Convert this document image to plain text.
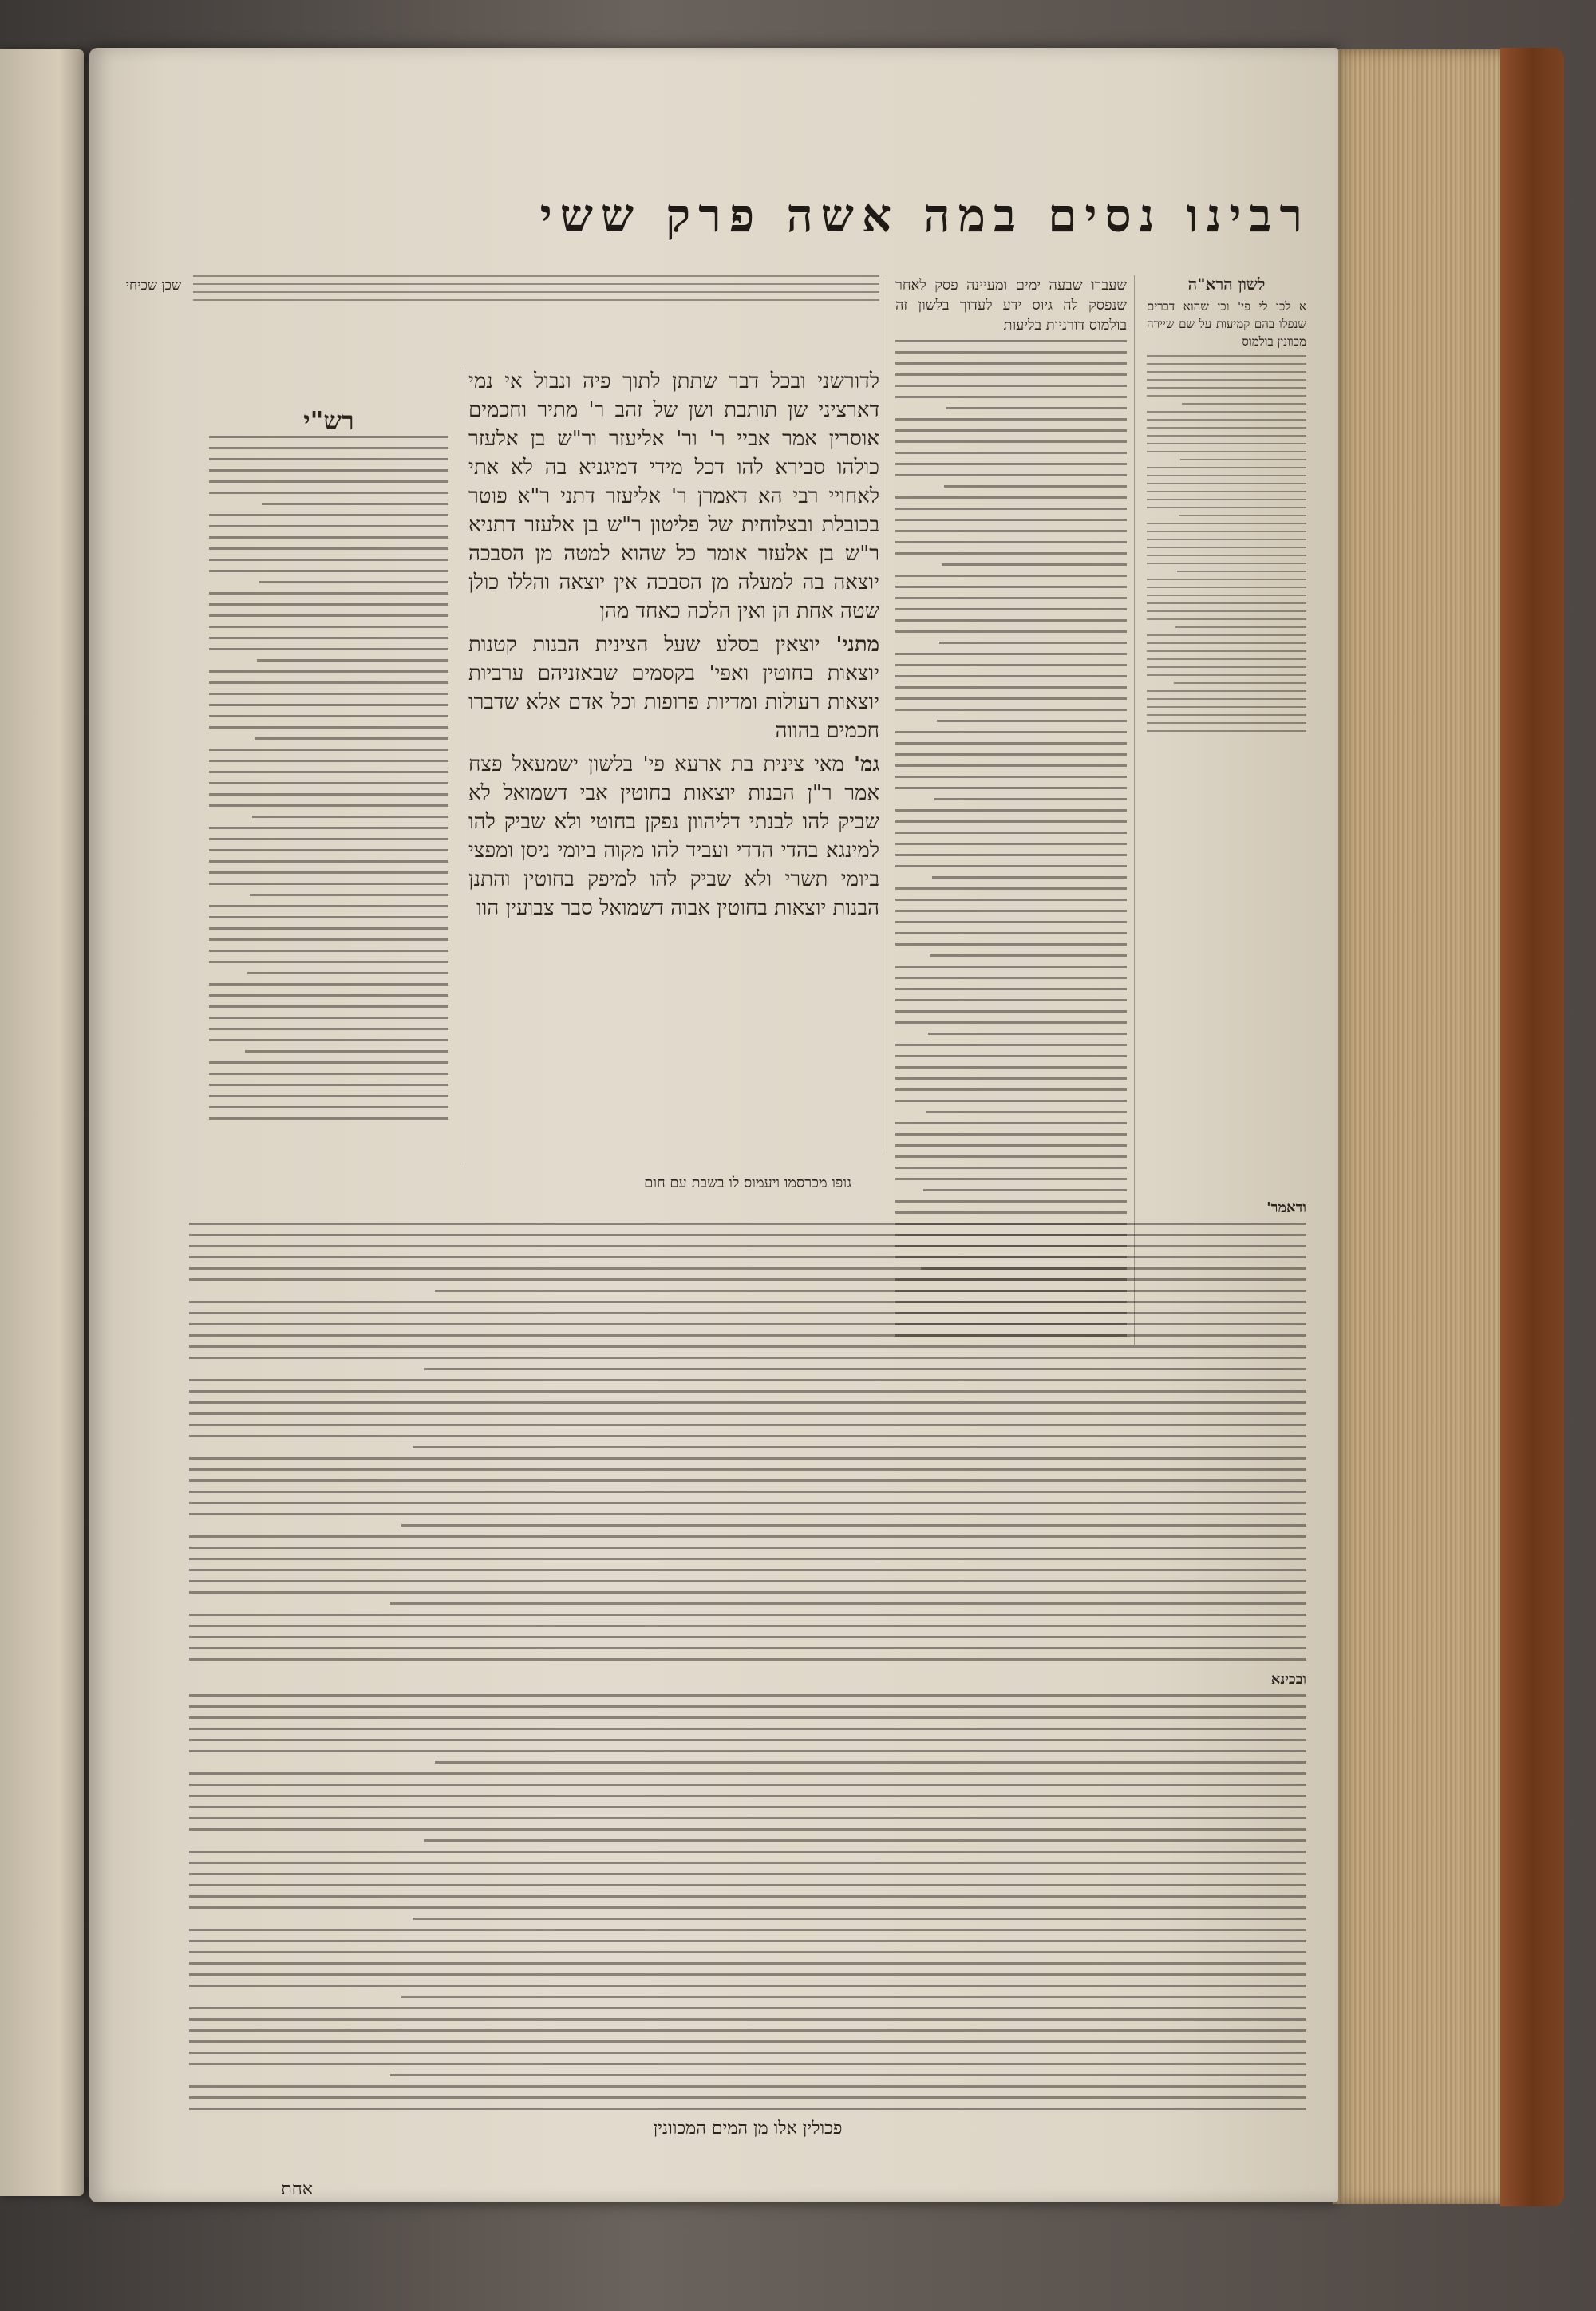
רבינו נסים במה אשה פרק ששי
שכן שכיחי	לשון הרא"ה

א לכו לי פי' וכן שהוא דברים שנפלו בהם קמיעות על שם שיירה מכוונין בולמוס

שעברו שבעה ימים ומעיינה פסק לאחר שנפסק לה גיוס ידע לעדוך בלשון זה בולמוס דורניות בליעות

לדורשני ובכל דבר שתתן לתוך פיה ונבול אי נמי דארציני שן תותבת ושן של זהב ר' מתיר וחכמים אוסרין אמר אביי ר' ור' אליעזר ור"ש בן אלעזר כולהו סבירא להו דכל מידי דמיגניא בה לא אתי לאחויי רבי הא דאמרן ר' אליעזר דתני ר"א פוטר בכובלת ובצלוחית של פליטון ר"ש בן אלעזר דתניא ר"ש בן אלעזר אומר כל שהוא למטה מן הסבכה יוצאה בה למעלה מן הסבכה אין יוצאה והללו כולן שטה אחת הן ואין הלכה כאחד מהן

מתני' יוצאין בסלע שעל הצינית הבנות קטנות יוצאות בחוטין ואפי' בקסמים שבאזניהם ערביות יוצאות רעולות ומדיות פרופות וכל אדם אלא שדברו חכמים בהווה

גמ' מאי צינית בת ארעא פי' בלשון ישמעאל פצח אמר ר"ן הבנות יוצאות בחוטין אבי דשמואל לא שביק להו לבנתי דליהוון נפקן בחוטי ולא שביק להו למינגא בהדי הדדי ועביד להו מקוה ביומי ניסן ומפצי ביומי תשרי ולא שביק להו למיפק בחוטין והתנן הבנות יוצאות בחוטין אבוה דשמואל סבר צבועין הוו

רש"י

גופו מכרסמו ויעמוס לו בשבת עם חום

ודאמר'

ובכינא

פכולין אלו מן המים המכוונין

אחת
